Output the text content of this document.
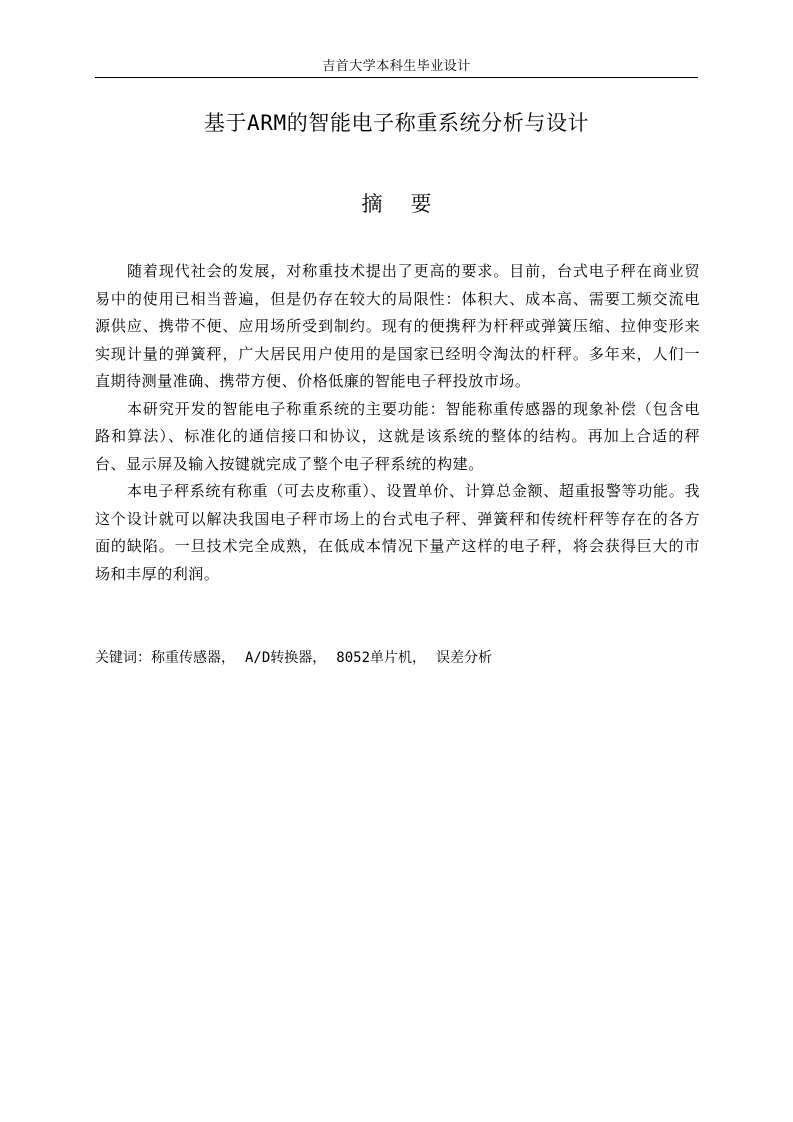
吉首大学本科生毕业设计
基于ARM的智能电子称重系统分析与设计
摘要

随着现代社会的发展，对称重技术提出了更高的要求。目前，台式电子秤在商业贸易中的使用已相当普遍，但是仍存在较大的局限性：体积大、成本高、需要工频交流电源供应、携带不便、应用场所受到制约。现有的便携秤为杆秤或弹簧压缩、拉伸变形来实现计量的弹簧秤，广大居民用户使用的是国家已经明令淘汰的杆秤。多年来，人们一直期待测量准确、携带方便、价格低廉的智能电子秤投放市场。

本研究开发的智能电子称重系统的主要功能：智能称重传感器的现象补偿（包含电路和算法）、标准化的通信接口和协议，这就是该系统的整体的结构。再加上合适的秤台、显示屏及输入按键就完成了整个电子秤系统的构建。

本电子秤系统有称重（可去皮称重）、设置单价、计算总金额、超重报警等功能。我这个设计就可以解决我国电子秤市场上的台式电子秤、弹簧秤和传统杆秤等存在的各方面的缺陷。一旦技术完全成熟，在低成本情况下量产这样的电子秤，将会获得巨大的市场和丰厚的利润。

关键词：称重传感器， A/D转换器， 8052单片机， 误差分析
